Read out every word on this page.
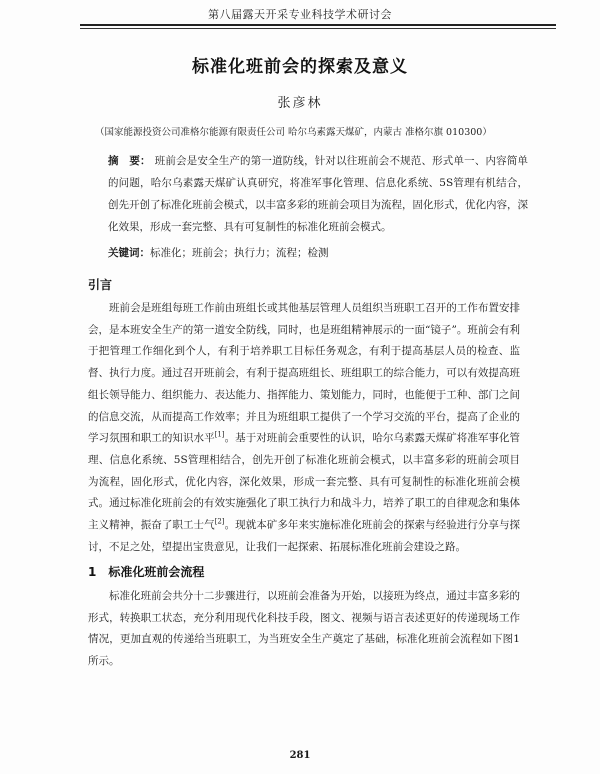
第八届露天开采专业科技学术研讨会
标准化班前会的探索及意义
张彦林
（国家能源投资公司准格尔能源有限责任公司 哈尔乌素露天煤矿，内蒙古 准格尔旗 010300）
摘　要： 班前会是安全生产的第一道防线，针对以往班前会不规范、形式单一、内容简单的问题，哈尔乌素露天煤矿认真研究，将准军事化管理、信息化系统、5S管理有机结合，创先开创了标准化班前会模式，以丰富多彩的班前会项目为流程，固化形式，优化内容，深化效果，形成一套完整、具有可复制性的标准化班前会模式。
关键词：标准化；班前会；执行力；流程；检测
引言
班前会是班组每班工作前由班组长或其他基层管理人员组织当班职工召开的工作布置安排会，是本班安全生产的第一道安全防线，同时，也是班组精神展示的一面“镜子”。班前会有利于把管理工作细化到个人，有利于培养职工目标任务观念，有利于提高基层人员的检查、监督、执行力度。通过召开班前会，有利于提高班组长、班组职工的综合能力，可以有效提高班组长领导能力、组织能力、表达能力、指挥能力、策划能力，同时，也能便于工种、部门之间的信息交流，从而提高工作效率；并且为班组职工提供了一个学习交流的平台，提高了企业的学习氛围和职工的知识水平[1]。基于对班前会重要性的认识，哈尔乌素露天煤矿将准军事化管理、信息化系统、5S管理相结合，创先开创了标准化班前会模式，以丰富多彩的班前会项目为流程，固化形式，优化内容，深化效果，形成一套完整、具有可复制性的标准化班前会模式。通过标准化班前会的有效实施强化了职工执行力和战斗力，培养了职工的自律观念和集体主义精神，振奋了职工士气[2]。现就本矿多年来实施标准化班前会的探索与经验进行分享与探讨，不足之处，望提出宝贵意见，让我们一起探索、拓展标准化班前会建设之路。
1　标准化班前会流程
标准化班前会共分十二步骤进行，以班前会准备为开始，以接班为终点，通过丰富多彩的形式，转换职工状态，充分利用现代化科技手段，图文、视频与语言表述更好的传递现场工作情况，更加直观的传递给当班职工，为当班安全生产奠定了基础，标准化班前会流程如下图1所示。
281
